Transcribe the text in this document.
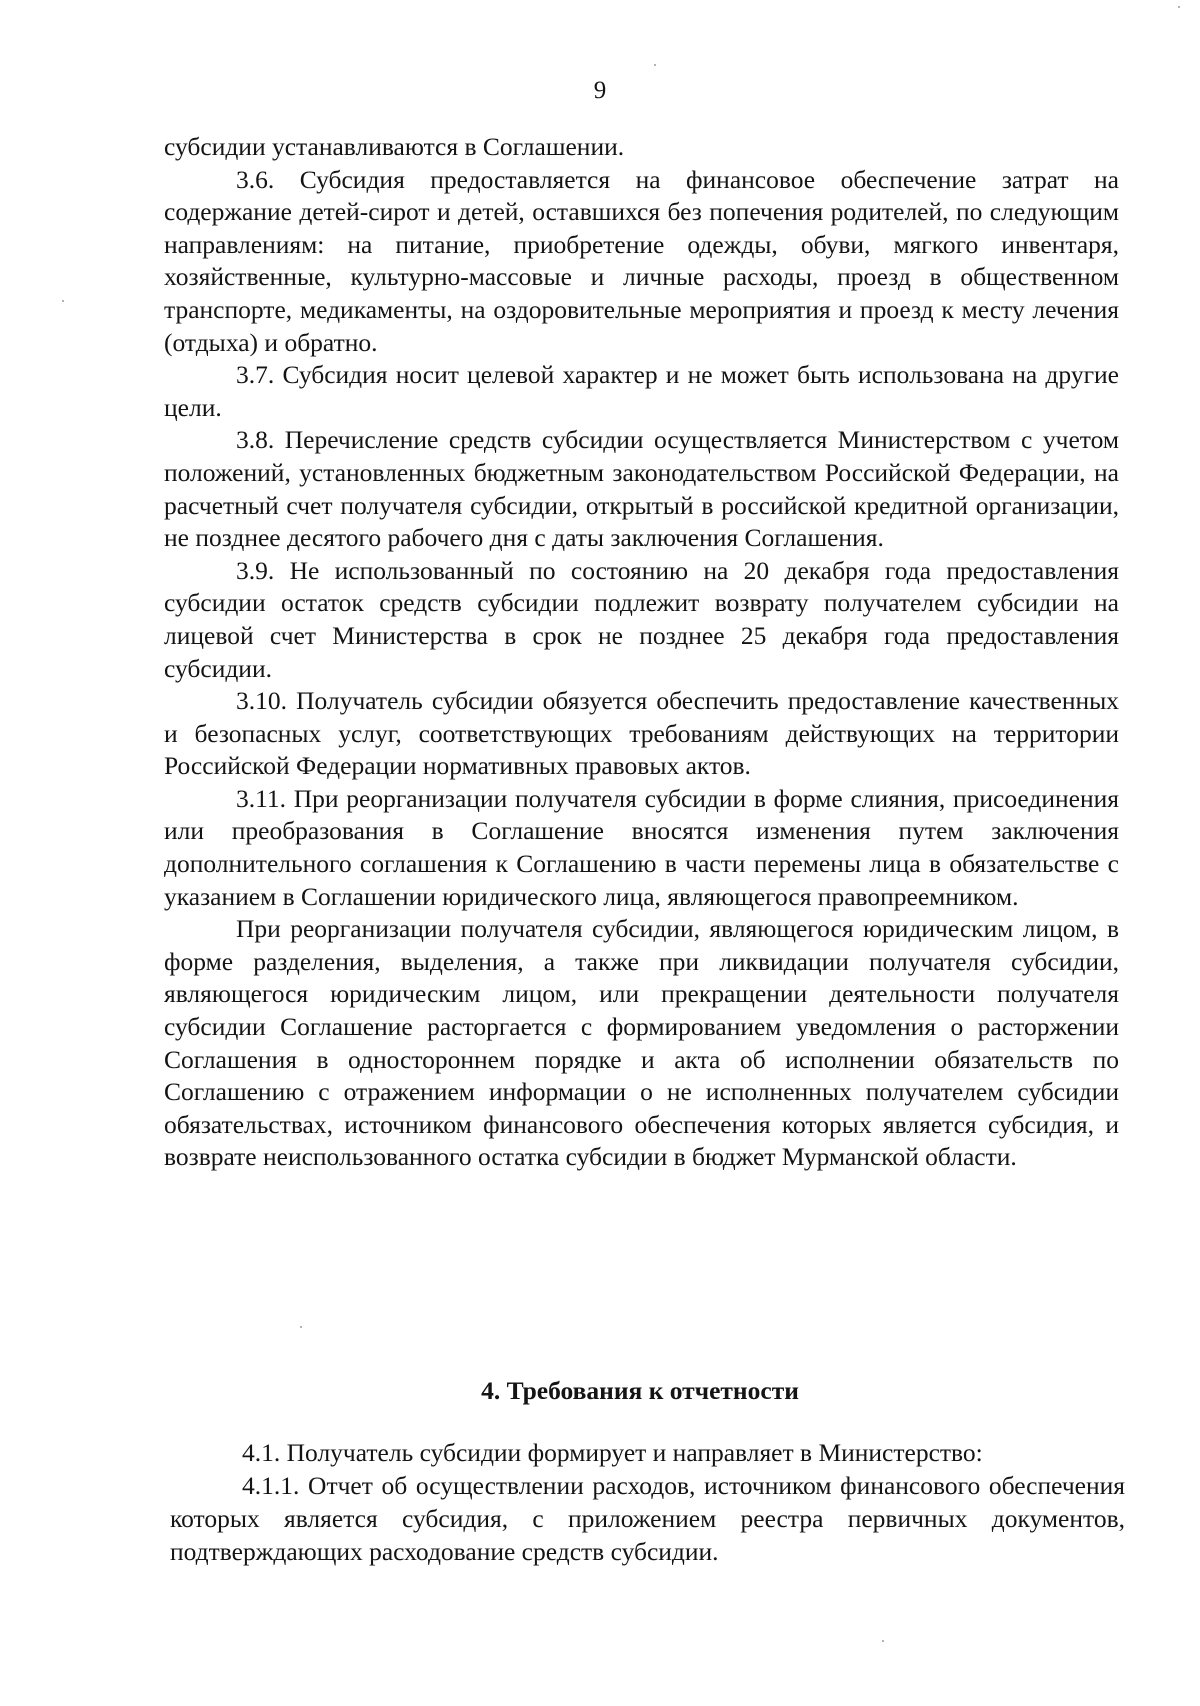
9

субсидии устанавливаются в Соглашении.

3.6. Субсидия предоставляется на финансовое обеспечение затрат на содержание детей-сирот и детей, оставшихся без попечения родителей, по следующим направлениям: на питание, приобретение одежды, обуви, мягкого инвентаря, хозяйственные, культурно-массовые и личные расходы, проезд в общественном транспорте, медикаменты, на оздоровительные мероприятия и проезд к месту лечения (отдыха) и обратно.

3.7. Субсидия носит целевой характер и не может быть использована на другие цели.

3.8. Перечисление средств субсидии осуществляется Министерством с учетом положений, установленных бюджетным законодательством Российской Федерации, на расчетный счет получателя субсидии, открытый в российской кредитной организации, не позднее десятого рабочего дня с даты заключения Соглашения.

3.9. Не использованный по состоянию на 20 декабря года предоставления субсидии остаток средств субсидии подлежит возврату получателем субсидии на лицевой счет Министерства в срок не позднее 25 декабря года предоставления субсидии.

3.10. Получатель субсидии обязуется обеспечить предоставление качественных и безопасных услуг, соответствующих требованиям действующих на территории Российской Федерации нормативных правовых актов.

3.11. При реорганизации получателя субсидии в форме слияния, присоединения или преобразования в Соглашение вносятся изменения путем заключения дополнительного соглашения к Соглашению в части перемены лица в обязательстве с указанием в Соглашении юридического лица, являющегося правопреемником.

При реорганизации получателя субсидии, являющегося юридическим лицом, в форме разделения, выделения, а также при ликвидации получателя субсидии, являющегося юридическим лицом, или прекращении деятельности получателя субсидии Соглашение расторгается с формированием уведомления о расторжении Соглашения в одностороннем порядке и акта об исполнении обязательств по Соглашению с отражением информации о не исполненных получателем субсидии обязательствах, источником финансового обеспечения которых является субсидия, и возврате неиспользованного остатка субсидии в бюджет Мурманской области.

4. Требования к отчетности

4.1. Получатель субсидии формирует и направляет в Министерство:

4.1.1. Отчет об осуществлении расходов, источником финансового обеспечения которых является субсидия, с приложением реестра первичных документов, подтверждающих расходование средств субсидии.
